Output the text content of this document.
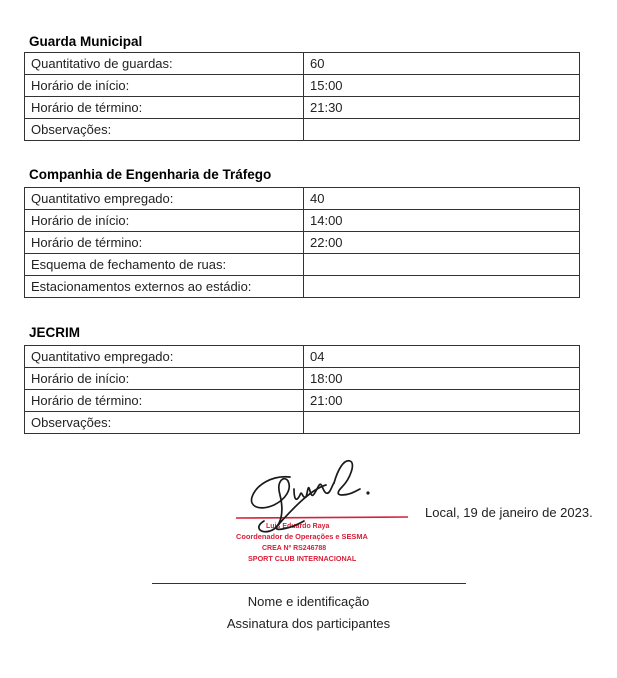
Guarda Municipal
Quantitativo de guardas:	60
Horário de início:	15:00
Horário de término:	21:30
Observações:	
Companhia de Engenharia de Tráfego
Quantitativo empregado:	40
Horário de início:	14:00
Horário de término:	22:00
Esquema de fechamento de ruas:	
Estacionamentos externos ao estádio:	
JECRIM
Quantitativo empregado:	04
Horário de início:	18:00
Horário de término:	21:00
Observações:	
Luis Eduardo Raya
Coordenador de Operações e SESMA
CREA Nº RS246788
SPORT CLUB INTERNACIONAL
Local, 19 de janeiro de 2023.
Nome e identificação
Assinatura dos participantes
